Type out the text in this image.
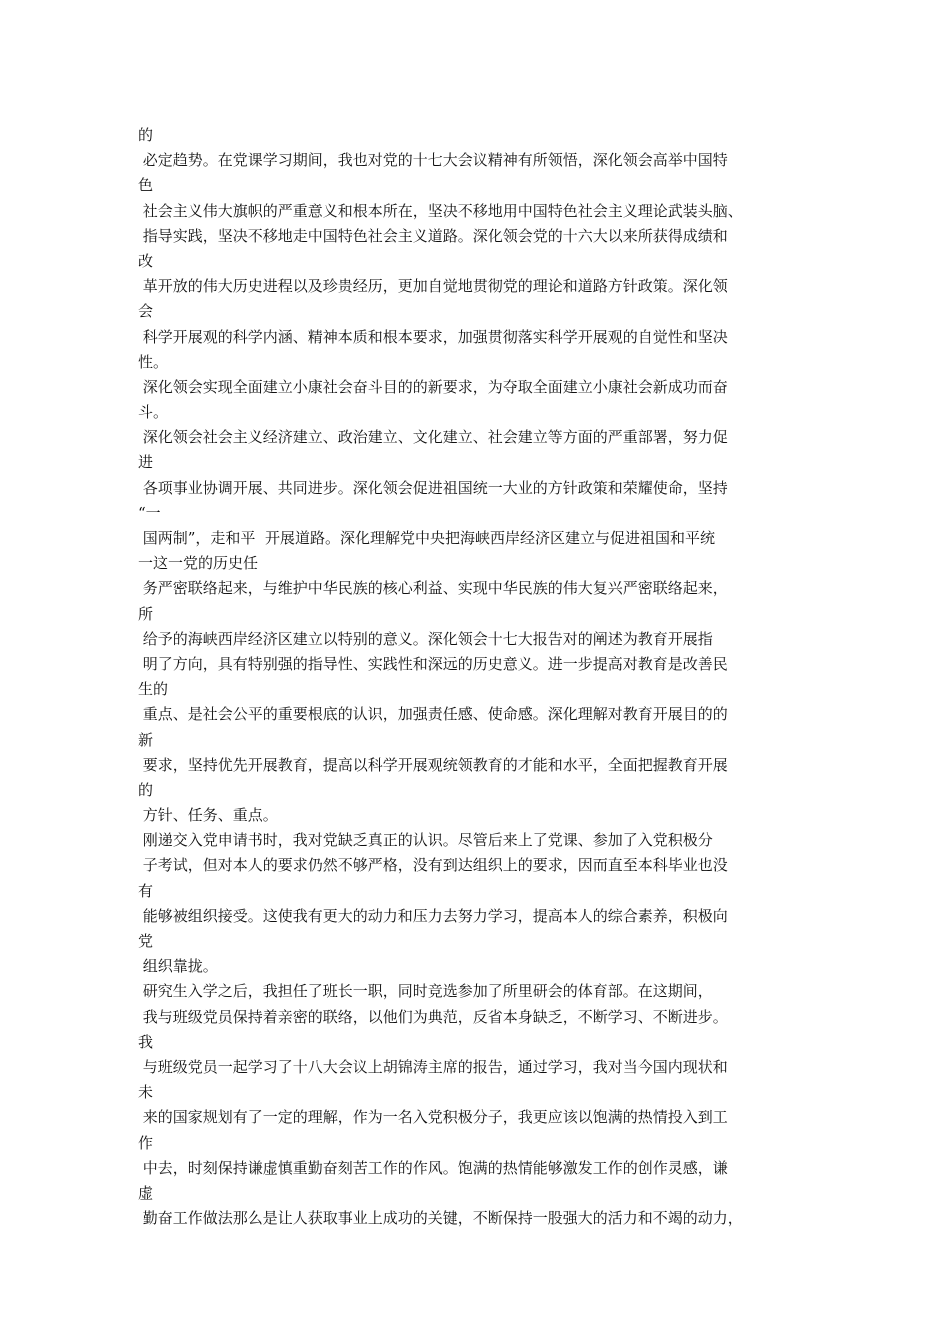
的
必定趋势。在党课学习期间，我也对党的十七大会议精神有所领悟，深化领会高举中国特
色
社会主义伟大旗帜的严重意义和根本所在，坚决不移地用中国特色社会主义理论武装头脑、
指导实践，坚决不移地走中国特色社会主义道路。深化领会党的十六大以来所获得成绩和
改
革开放的伟大历史进程以及珍贵经历，更加自觉地贯彻党的理论和道路方针政策。深化领
会
科学开展观的科学内涵、精神本质和根本要求，加强贯彻落实科学开展观的自觉性和坚决
性。
深化领会实现全面建立小康社会奋斗目的的新要求，为夺取全面建立小康社会新成功而奋
斗。
深化领会社会主义经济建立、政治建立、文化建立、社会建立等方面的严重部署，努力促
进
各项事业协调开展、共同进步。深化领会促进祖国统一大业的方针政策和荣耀使命，坚持
“一
国两制”，走和平  开展道路。深化理解党中央把海峡西岸经济区建立与促进祖国和平统
一这一党的历史任
务严密联络起来，与维护中华民族的核心利益、实现中华民族的伟大复兴严密联络起来，
所
给予的海峡西岸经济区建立以特别的意义。深化领会十七大报告对的阐述为教育开展指
明了方向，具有特别强的指导性、实践性和深远的历史意义。进一步提高对教育是改善民
生的
重点、是社会公平的重要根底的认识，加强责任感、使命感。深化理解对教育开展目的的
新
要求，坚持优先开展教育，提高以科学开展观统领教育的才能和水平，全面把握教育开展
的
方针、任务、重点。
刚递交入党申请书时，我对党缺乏真正的认识。尽管后来上了党课、参加了入党积极分
子考试，但对本人的要求仍然不够严格，没有到达组织上的要求，因而直至本科毕业也没
有
能够被组织接受。这使我有更大的动力和压力去努力学习，提高本人的综合素养，积极向
党
组织靠拢。
研究生入学之后，我担任了班长一职，同时竞选参加了所里研会的体育部。在这期间，
我与班级党员保持着亲密的联络，以他们为典范，反省本身缺乏，不断学习、不断进步。
我
与班级党员一起学习了十八大会议上胡锦涛主席的报告，通过学习，我对当今国内现状和
未
来的国家规划有了一定的理解，作为一名入党积极分子，我更应该以饱满的热情投入到工
作
中去，时刻保持谦虚慎重勤奋刻苦工作的作风。饱满的热情能够激发工作的创作灵感，谦
虚
勤奋工作做法那么是让人获取事业上成功的关键，不断保持一股强大的活力和不竭的动力，
